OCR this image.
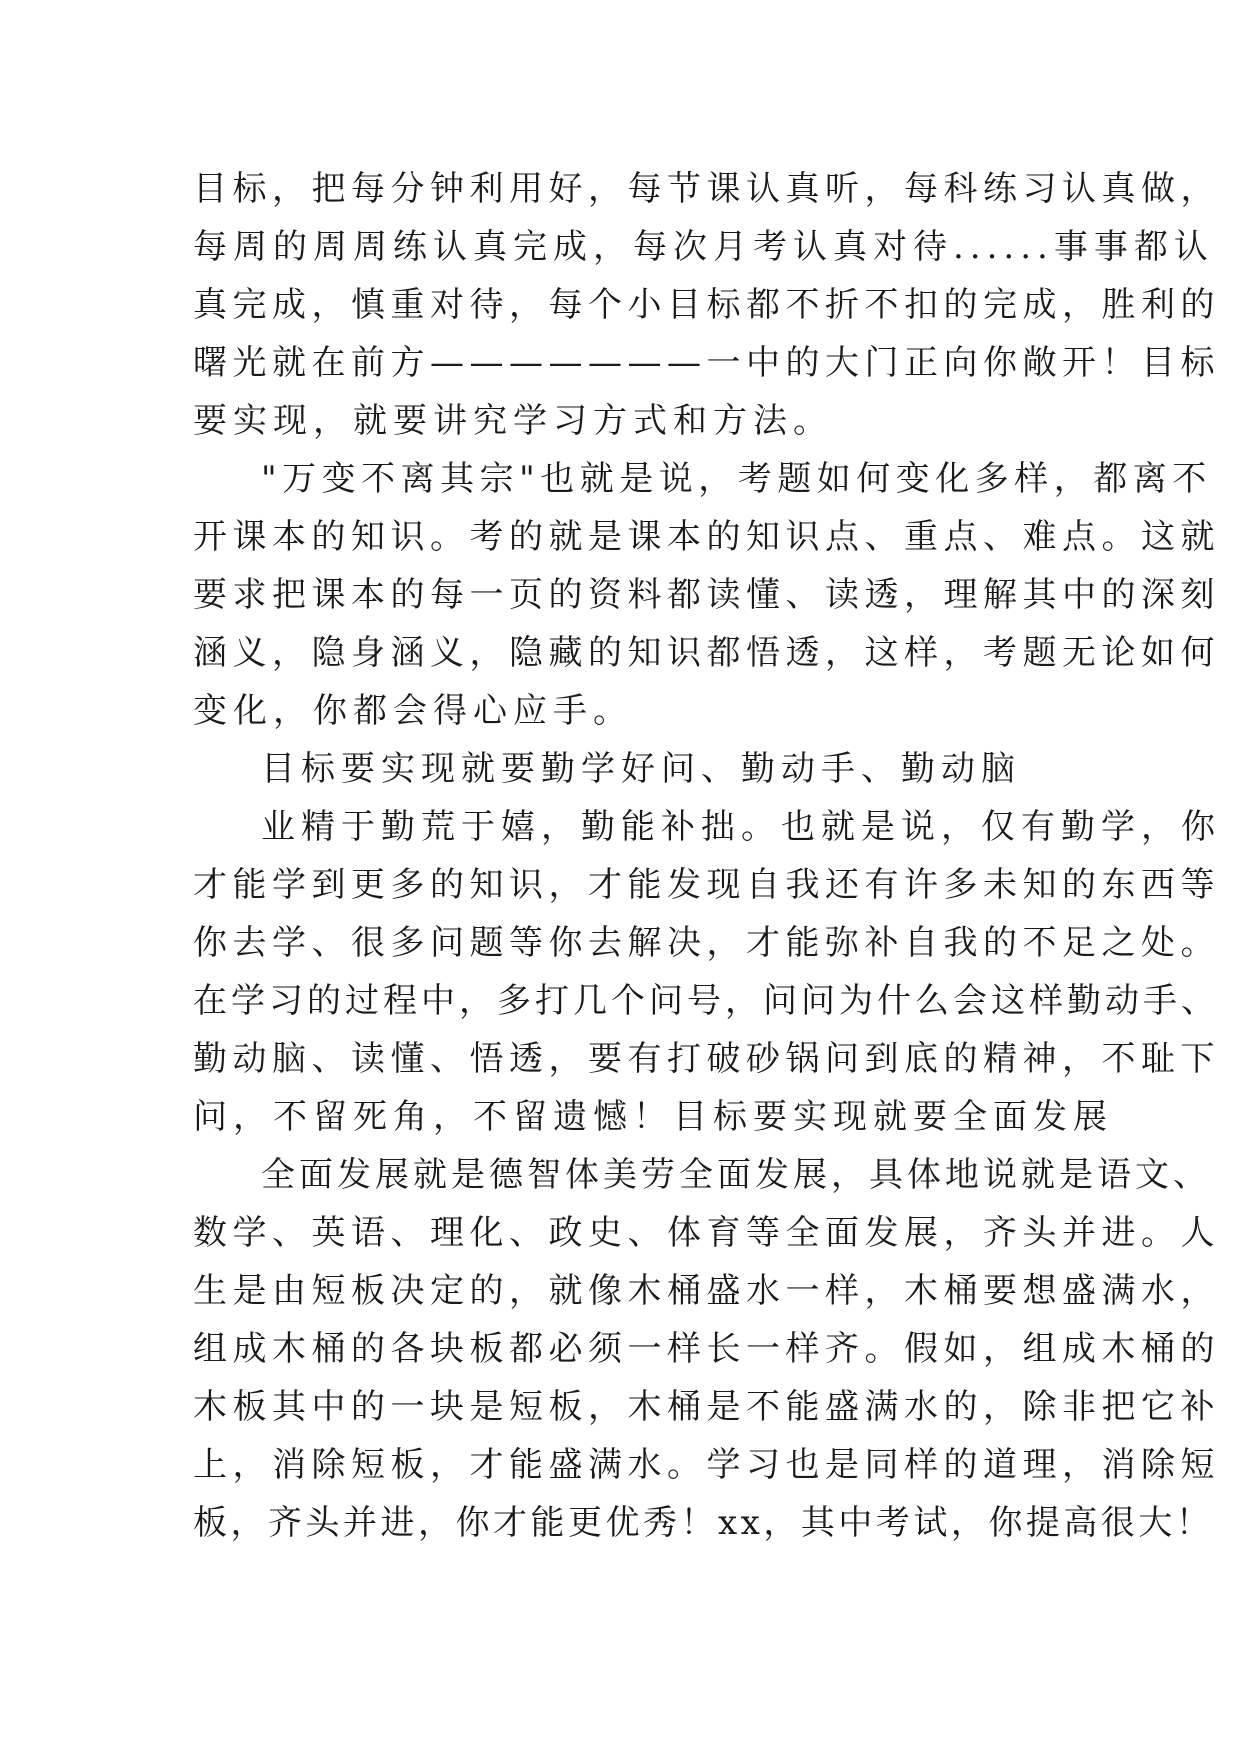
目标，把每分钟利用好，每节课认真听，每科练习认真做，
每周的周周练认真完成，每次月考认真对待......事事都认
真完成，慎重对待，每个小目标都不折不扣的完成，胜利的
曙光就在前方———————一中的大门正向你敞开！目标
要实现，就要讲究学习方式和方法。
"万变不离其宗"也就是说，考题如何变化多样，都离不
开课本的知识。考的就是课本的知识点、重点、难点。这就
要求把课本的每一页的资料都读懂、读透，理解其中的深刻
涵义，隐身涵义，隐藏的知识都悟透，这样，考题无论如何
变化，你都会得心应手。
目标要实现就要勤学好问、勤动手、勤动脑
业精于勤荒于嬉，勤能补拙。也就是说，仅有勤学，你
才能学到更多的知识，才能发现自我还有许多未知的东西等
你去学、很多问题等你去解决，才能弥补自我的不足之处。
在学习的过程中，多打几个问号，问问为什么会这样勤动手、
勤动脑、读懂、悟透，要有打破砂锅问到底的精神，不耻下
问，不留死角，不留遗憾！目标要实现就要全面发展
全面发展就是德智体美劳全面发展，具体地说就是语文、
数学、英语、理化、政史、体育等全面发展，齐头并进。人
生是由短板决定的，就像木桶盛水一样，木桶要想盛满水，
组成木桶的各块板都必须一样长一样齐。假如，组成木桶的
木板其中的一块是短板，木桶是不能盛满水的，除非把它补
上，消除短板，才能盛满水。学习也是同样的道理，消除短
板，齐头并进，你才能更优秀！xx，其中考试，你提高很大！
